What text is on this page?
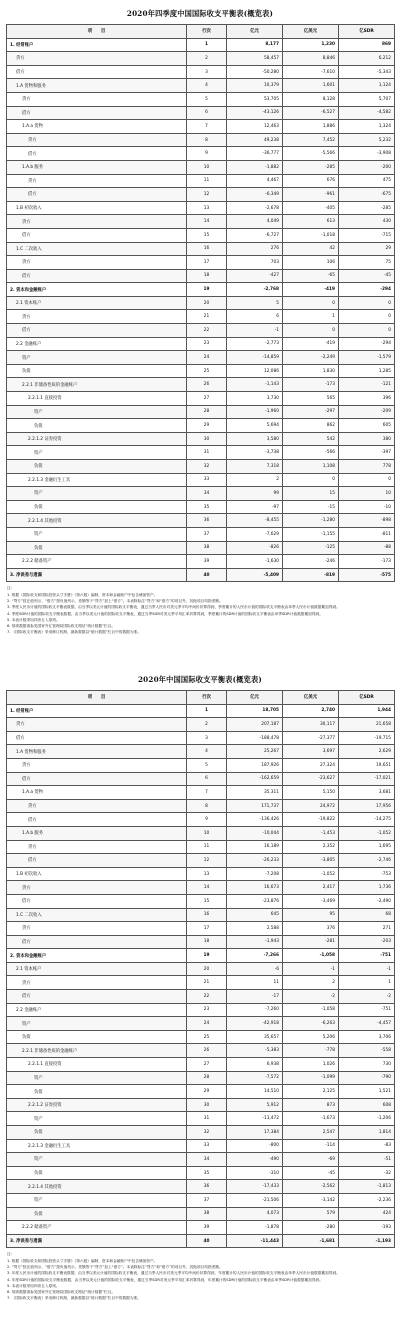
2020年四季度中国国际收支平衡表(概览表)
项　　目	行次	亿元	亿美元	亿SDR
1. 经常账户	1	8,177	1,230	869
贷方	2	58,457	8,846	6,212
借方	3	-50,280	-7,610	-5,343
1.A 货物和服务	4	10,379	1,601	1,124
贷方	5	53,705	8,128	5,707
借方	6	-43,126	-6,527	-4,582
1.A.a 货物	7	12,463	1,886	1,324
贷方	8	49,238	7,452	5,232
借方	9	-36,777	-5,566	-3,908
1.A.b 服务	10	-1,882	-285	-200
贷方	11	4,467	676	475
借方	12	-6,349	-961	-675
1.B 初次收入	13	-2,678	-405	-285
贷方	14	4,049	613	430
借方	15	-6,727	-1,018	-715
1.C 二次收入	16	276	42	29
贷方	17	703	106	75
借方	18	-427	-65	-45
2. 资本和金融账户	19	-2,768	-419	-294
2.1 资本账户	20	5	0	0
贷方	21	6	1	0
借方	22	-1	0	0
2.2 金融账户	23	-2,773	-419	-294
资产	24	-14,859	-2,249	-1,579
负债	25	12,086	1,830	1,285
2.2.1 非储备性质的金融账户	26	-1,143	-173	-121
2.2.1.1 直接投资	27	3,730	565	396
资产	28	-1,960	-297	-209
负债	29	5,694	862	605
2.2.1.2 证券投资	30	3,580	542	380
资产	31	-3,738	-566	-397
负债	32	7,318	1,108	778
2.2.1.3 金融衍生工具	33	2	0	0
资产	34	99	15	10
负债	35	-97	-15	-10
2.2.1.4 其他投资	36	-8,455	-1,280	-898
资产	37	-7,629	-1,155	-811
负债	38	-826	-125	-88
2.2.2 储备资产	39	-1,630	-246	-173
3. 净误差与遗漏	40	-5,409	-819	-575
注：
1. 根据《国际收支和国际投资头寸手册》（第六版）编制，资本和金融账户中包含储备资产。
2. “贷方”按正值列示，“借方”按负值列示，差额等于“贷方”加上“借方”。本表除标注“贷方”和“借方”的项目外，其他项目均指差额。
3. 季度人民币计值的国际收支平衡表数据，由当季以美元计值的国际收支平衡表，通过当季人民币对美元季平均中间价折算得到，季度累计的人民币计值的国际收支平衡表由单季人民币计值数据累加得到。
4. 季度SDR计值的国际收支平衡表数据，由当季以美元计值的国际收支平衡表，通过当季SDR对美元季平均汇率折算得到，季度累计的SDR计值的国际收支平衡表由单季SDR计值数据累加得到。
5. 本表计数采用四舍五入原则。
6. 细项数据请参见国家外汇管理局国际收支网站“统计数据”栏目。
7. 《国际收支平衡表》采用修订机制，最新数据以“统计数据”栏目中的数据为准。
2020年中国国际收支平衡表(概览表)
项　　目	行次	亿元	亿美元	亿SDR
1. 经常账户	1	18,705	2,740	1,944
贷方	2	207,187	30,117	21,658
借方	3	-188,478	-27,377	-19,715
1.A 货物和服务	4	25,267	3,697	2,629
贷方	5	187,926	27,324	19,651
借方	6	-162,659	-23,627	-17,021
1.A.a 货物	7	35,311	5,150	3,681
贷方	8	171,737	24,972	17,956
借方	9	-136,426	-19,822	-14,275
1.A.b 服务	10	-10,044	-1,453	-1,052
贷方	11	16,189	2,352	1,695
借方	12	-26,233	-3,805	-2,746
1.B 初次收入	13	-7,208	-1,052	-753
贷方	14	16,673	2,417	1,736
借方	15	-23,876	-3,469	-2,490
1.C 二次收入	16	645	95	68
贷方	17	2,588	376	271
借方	18	-1,943	-281	-203
2. 资本和金融账户	19	-7,266	-1,058	-751
2.1 资本账户	20	-6	-1	-1
贷方	21	11	2	1
借方	22	-17	-2	-2
2.2 金融账户	23	-7,260	-1,058	-751
资产	24	-42,918	-6,263	-4,457
负债	25	35,657	5,206	3,706
2.2.1 非储备性质的金融账户	26	-5,383	-778	-558
2.2.1.1 直接投资	27	6,938	1,026	730
资产	28	-7,572	-1,099	-790
负债	29	14,510	2,125	1,521
2.2.1.2 证券投资	30	5,912	873	608
资产	31	-11,472	-1,673	-1,206
负债	32	17,384	2,547	1,814
2.2.1.3 金融衍生工具	33	-800	-114	-83
资产	34	-490	-69	-51
负债	35	-310	-45	-32
2.2.1.4 其他投资	36	-17,433	-2,562	-1,813
资产	37	-21,506	-3,142	-2,236
负债	38	4,073	579	424
2.2.2 储备资产	39	-1,878	-280	-193
3. 净误差与遗漏	40	-11,443	-1,681	-1,193
注：
1. 根据《国际收支和国际投资头寸手册》（第六版）编制，资本和金融账户中包含储备资产。
2. “贷方”按正值列示，“借方”按负值列示，差额等于“贷方”加上“借方”。本表除标注“贷方”和“借方”的项目外，其他项目均指差额。
3. 年度人民币计值的国际收支平衡表数据，由当季以美元计值的国际收支平衡表，通过当季人民币对美元季平均中间价折算得到，年度累计的人民币计值的国际收支平衡表由单季人民币计值数据累加得到。
4. 年度SDR计值的国际收支平衡表数据，由当季以美元计值的国际收支平衡表，通过当季SDR对美元季平均汇率折算得到，年度累计的SDR计值的国际收支平衡表由单季SDR计值数据累加得到。
5. 本表计数采用四舍五入原则。
6. 细项数据请参见国家外汇管理局国际收支网站“统计数据”栏目。
7. 《国际收支平衡表》采用修订机制，最新数据以“统计数据”栏目中的数据为准。
